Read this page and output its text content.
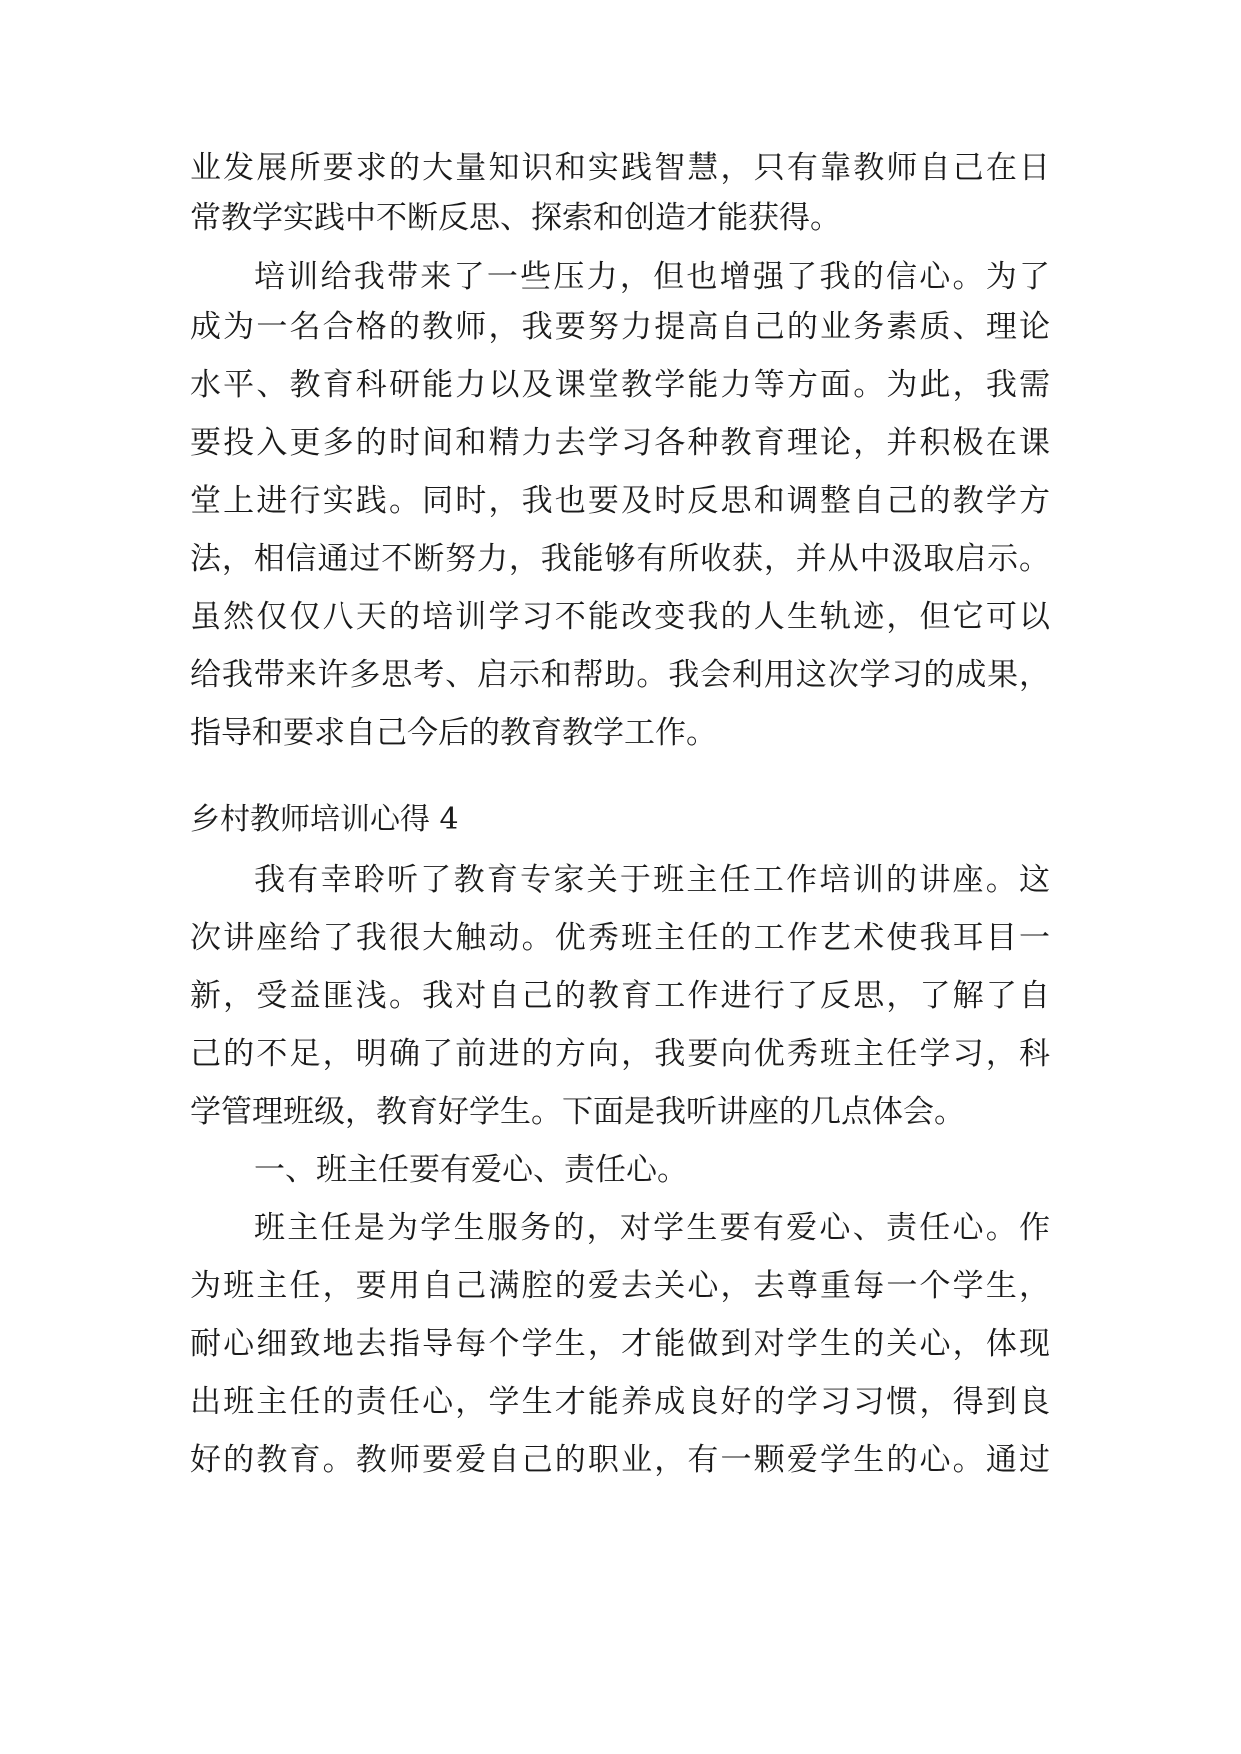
业发展所要求的大量知识和实践智慧，只有靠教师自己在日
常教学实践中不断反思、探索和创造才能获得。
培训给我带来了一些压力，但也增强了我的信心。为了
成为一名合格的教师，我要努力提高自己的业务素质、理论
水平、教育科研能力以及课堂教学能力等方面。为此，我需
要投入更多的时间和精力去学习各种教育理论，并积极在课
堂上进行实践。同时，我也要及时反思和调整自己的教学方
法，相信通过不断努力，我能够有所收获，并从中汲取启示。
虽然仅仅八天的培训学习不能改变我的人生轨迹，但它可以
给我带来许多思考、启示和帮助。我会利用这次学习的成果，
指导和要求自己今后的教育教学工作。
乡村教师培训心得 4
我有幸聆听了教育专家关于班主任工作培训的讲座。这
次讲座给了我很大触动。优秀班主任的工作艺术使我耳目一
新，受益匪浅。我对自己的教育工作进行了反思，了解了自
己的不足，明确了前进的方向，我要向优秀班主任学习，科
学管理班级，教育好学生。下面是我听讲座的几点体会。
一、班主任要有爱心、责任心。
班主任是为学生服务的，对学生要有爱心、责任心。作
为班主任，要用自己满腔的爱去关心，去尊重每一个学生，
耐心细致地去指导每个学生，才能做到对学生的关心，体现
出班主任的责任心，学生才能养成良好的学习习惯，得到良
好的教育。教师要爱自己的职业，有一颗爱学生的心。通过
